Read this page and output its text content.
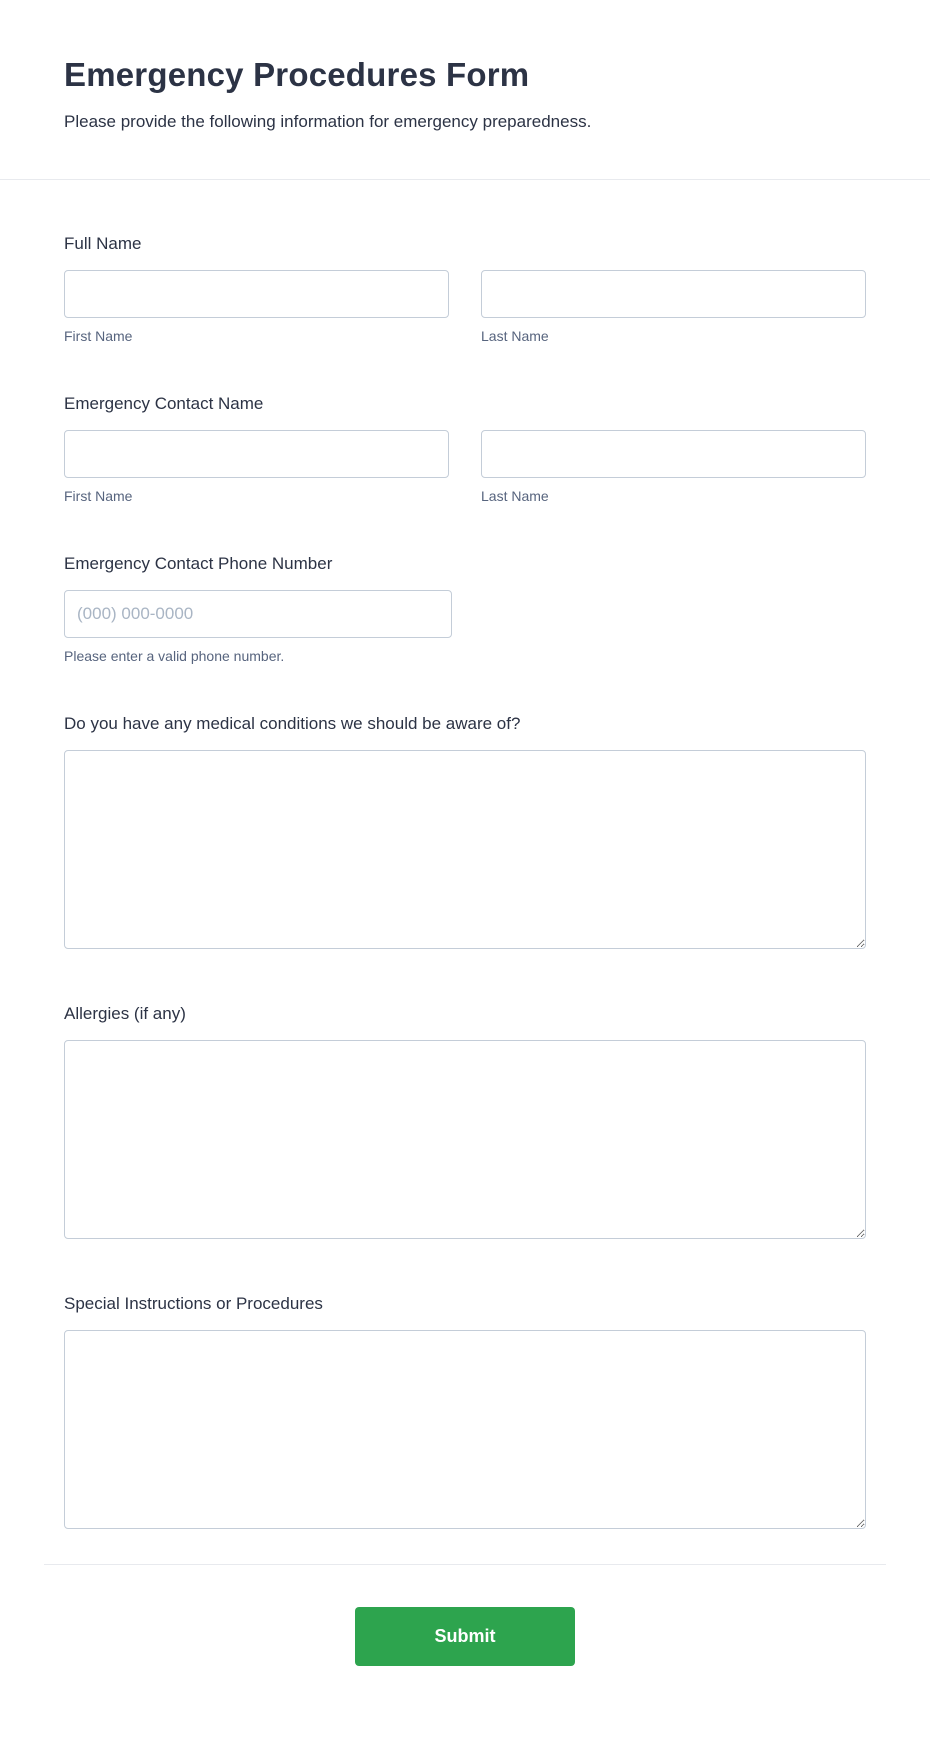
Emergency Procedures Form

Please provide the following information for emergency preparedness.

Full Name
First Name	Last Name
Emergency Contact Name
First Name	Last Name
Emergency Contact Phone Number
(000) 000-0000
Please enter a valid phone number.
Do you have any medical conditions we should be aware of?
Allergies (if any)
Special Instructions or Procedures
Submit
